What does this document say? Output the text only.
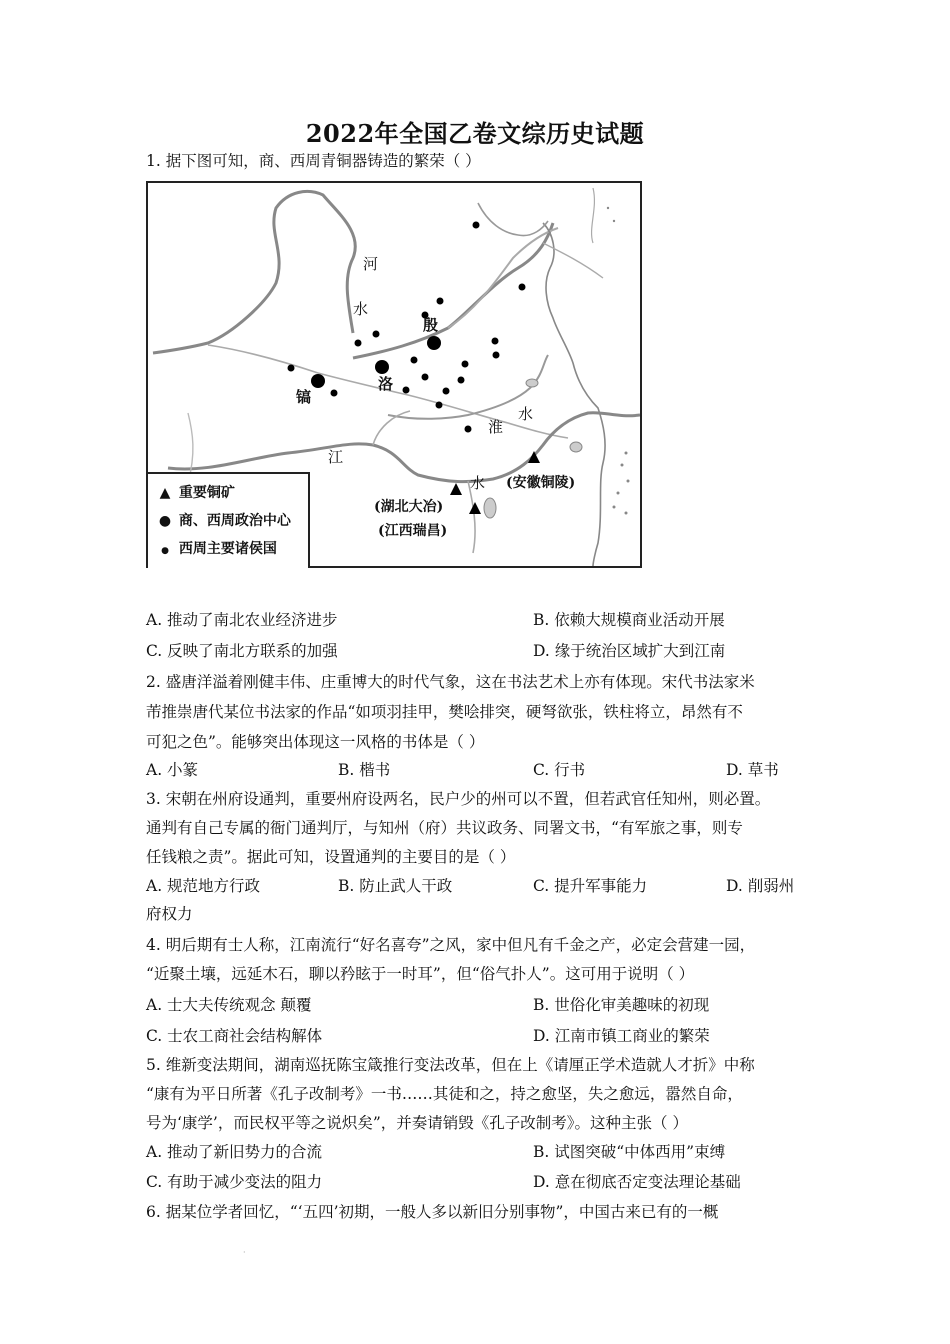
2022年全国乙卷文综历史试题
1. 据下图可知，商、西周青铜器铸造的繁荣（ ）
河
水
殷
洛
镐
水
淮
江
水 (安徽铜陵)
(湖北大冶)
(江西瑞昌)
▲ 重要铜矿
● 商、西周政治中心
● 西周主要诸侯国
A. 推动了南北农业经济进步	B. 依赖大规模商业活动开展
C. 反映了南北方联系的加强	D. 缘于统治区域扩大到江南
2. 盛唐洋溢着刚健丰伟、庄重博大的时代气象，这在书法艺术上亦有体现。宋代书法家米
芾推崇唐代某位书法家的作品“如项羽挂甲，樊哙排突，硬弩欲张，铁柱将立，昂然有不
可犯之色”。能够突出体现这一风格的书体是（ ）
A. 小篆	B. 楷书	C. 行书	D. 草书
3. 宋朝在州府设通判，重要州府设两名，民户少的州可以不置，但若武官任知州，则必置。
通判有自己专属的衙门通判厅，与知州（府）共议政务、同署文书，“有军旅之事，则专
任钱粮之责”。据此可知，设置通判的主要目的是（ ）
A. 规范地方行政	B. 防止武人干政	C. 提升军事能力	D. 削弱州
府权力
4. 明后期有士人称，江南流行“好名喜夸”之风，家中但凡有千金之产，必定会营建一园，
“近聚土壤，远延木石，聊以矜眩于一时耳”，但“俗气扑人”。这可用于说明（ ）
A. 士大夫传统观念 颠覆	B. 世俗化审美趣味的初现
C. 士农工商社会结构解体	D. 江南市镇工商业的繁荣
5. 维新变法期间，湖南巡抚陈宝箴推行变法改革，但在上《请厘正学术造就人才折》中称
“康有为平日所著《孔子改制考》一书……其徒和之，持之愈坚，失之愈远，嚣然自命，
号为‘康学’，而民权平等之说炽矣”，并奏请销毁《孔子改制考》。这种主张（ ）
A. 推动了新旧势力的合流	B. 试图突破“中体西用”束缚
C. 有助于减少变法的阻力	D. 意在彻底否定变法理论基础
6. 据某位学者回忆，“‘五四’初期，一般人多以新旧分别事物”，中国古来已有的一概
·
